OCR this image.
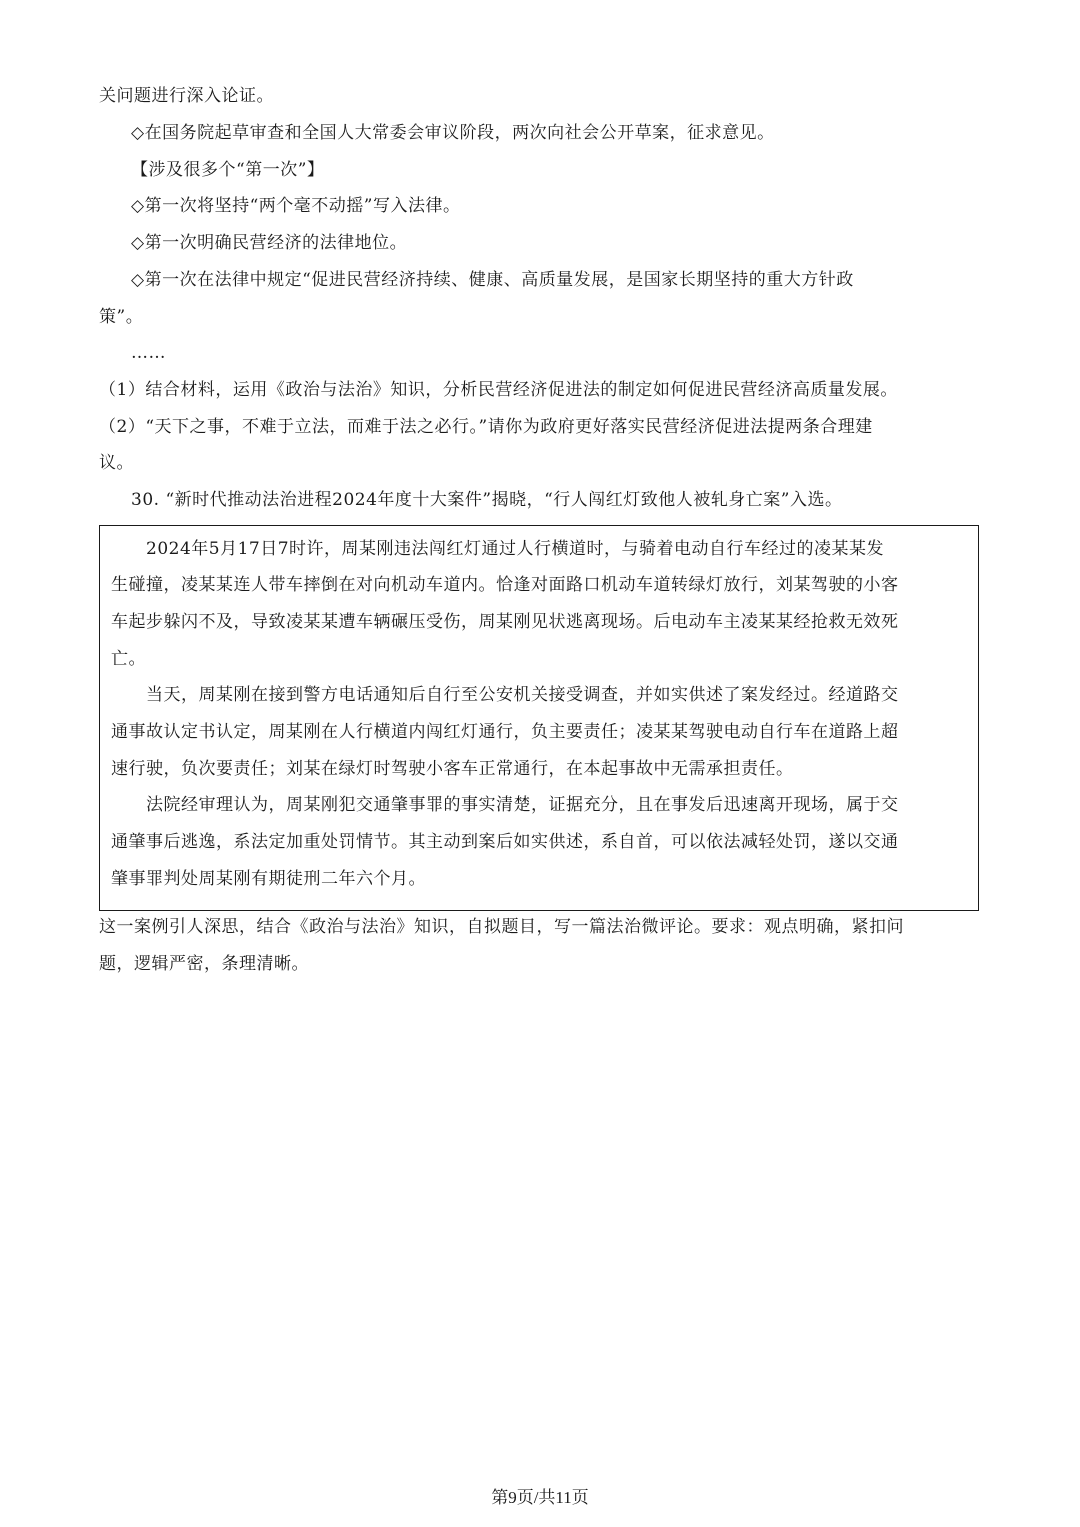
关问题进行深入论证。
◇在国务院起草审查和全国人大常委会审议阶段，两次向社会公开草案，征求意见。
【涉及很多个“第一次”】
◇第一次将坚持“两个毫不动摇”写入法律。
◇第一次明确民营经济的法律地位。
◇第一次在法律中规定“促进民营经济持续、健康、高质量发展，是国家长期坚持的重大方针政
策”。
……
（1）结合材料，运用《政治与法治》知识，分析民营经济促进法的制定如何促进民营经济高质量发展。
（2）“天下之事，不难于立法，而难于法之必行。”请你为政府更好落实民营经济促进法提两条合理建
议。
30. “新时代推动法治进程2024年度十大案件”揭晓，“行人闯红灯致他人被轧身亡案”入选。
2024年5月17日7时许，周某刚违法闯红灯通过人行横道时，与骑着电动自行车经过的凌某某发
生碰撞，凌某某连人带车摔倒在对向机动车道内。恰逢对面路口机动车道转绿灯放行，刘某驾驶的小客
车起步躲闪不及，导致凌某某遭车辆碾压受伤，周某刚见状逃离现场。后电动车主凌某某经抢救无效死
亡。
当天，周某刚在接到警方电话通知后自行至公安机关接受调查，并如实供述了案发经过。经道路交
通事故认定书认定，周某刚在人行横道内闯红灯通行，负主要责任；凌某某驾驶电动自行车在道路上超
速行驶，负次要责任；刘某在绿灯时驾驶小客车正常通行，在本起事故中无需承担责任。
法院经审理认为，周某刚犯交通肇事罪的事实清楚，证据充分，且在事发后迅速离开现场，属于交
通肇事后逃逸，系法定加重处罚情节。其主动到案后如实供述，系自首，可以依法减轻处罚，遂以交通
肇事罪判处周某刚有期徒刑二年六个月。
这一案例引人深思，结合《政治与法治》知识，自拟题目，写一篇法治微评论。要求：观点明确，紧扣问
题，逻辑严密，条理清晰。
第9页/共11页
